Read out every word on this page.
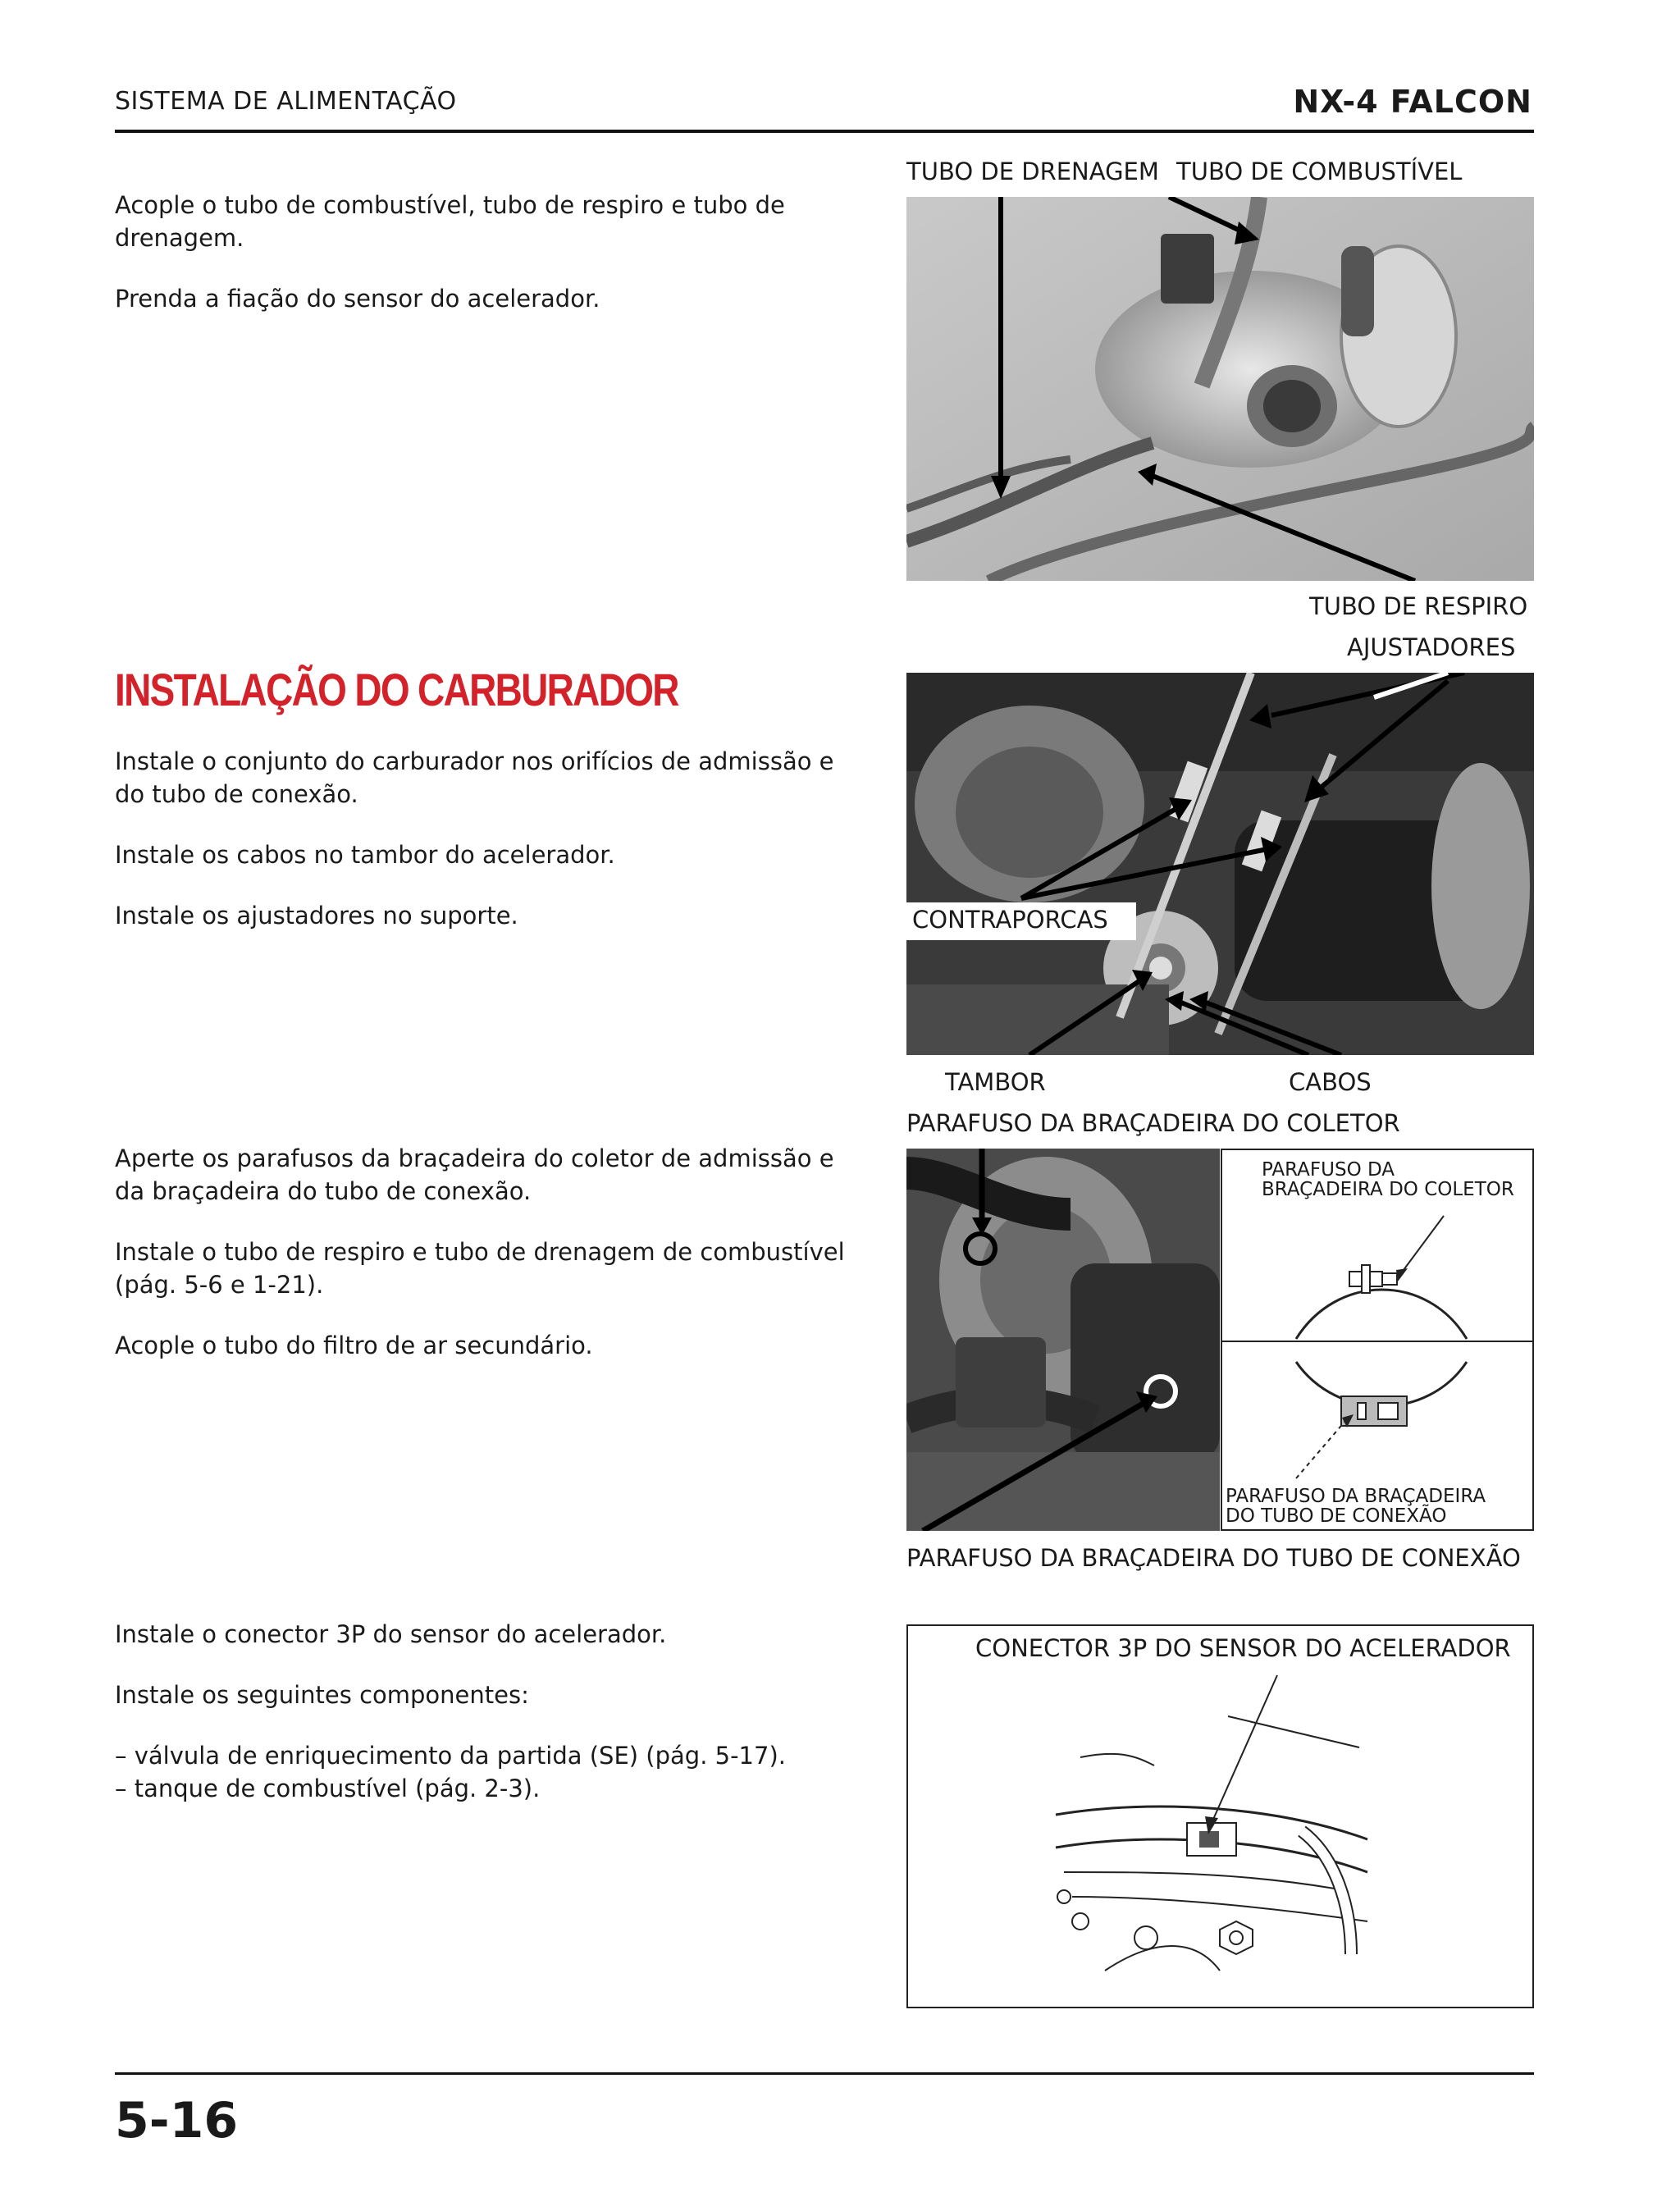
SISTEMA DE ALIMENTAÇÃO	NX-4 FALCON

Acople o tubo de combustível, tubo de respiro e tubo de drenagem.

Prenda a fiação do sensor do acelerador.

TUBO DE DRENAGEM TUBO DE COMBUSTÍVEL
TUBO DE RESPIRO
INSTALAÇÃO DO CARBURADOR

Instale o conjunto do carburador nos orifícios de admissão e do tubo de conexão.

Instale os cabos no tambor do acelerador.

Instale os ajustadores no suporte.

AJUSTADORES
CONTRAPORCAS
TAMBOR	CABOS

Aperte os parafusos da braçadeira do coletor de admissão e da braçadeira do tubo de conexão.

Instale o tubo de respiro e tubo de drenagem de combustível (pág. 5-6 e 1-21).

Acople o tubo do filtro de ar secundário.

PARAFUSO DA BRAÇADEIRA DO COLETOR
PARAFUSO DA
BRAÇADEIRA DO COLETOR
PARAFUSO DA BRAÇADEIRA
DO TUBO DE CONEXÃO
PARAFUSO DA BRAÇADEIRA DO TUBO DE CONEXÃO

Instale o conector 3P do sensor do acelerador.

Instale os seguintes componentes:

– válvula de enriquecimento da partida (SE) (pág. 5-17).

– tanque de combustível (pág. 2-3).

CONECTOR 3P DO SENSOR DO ACELERADOR
5-16
